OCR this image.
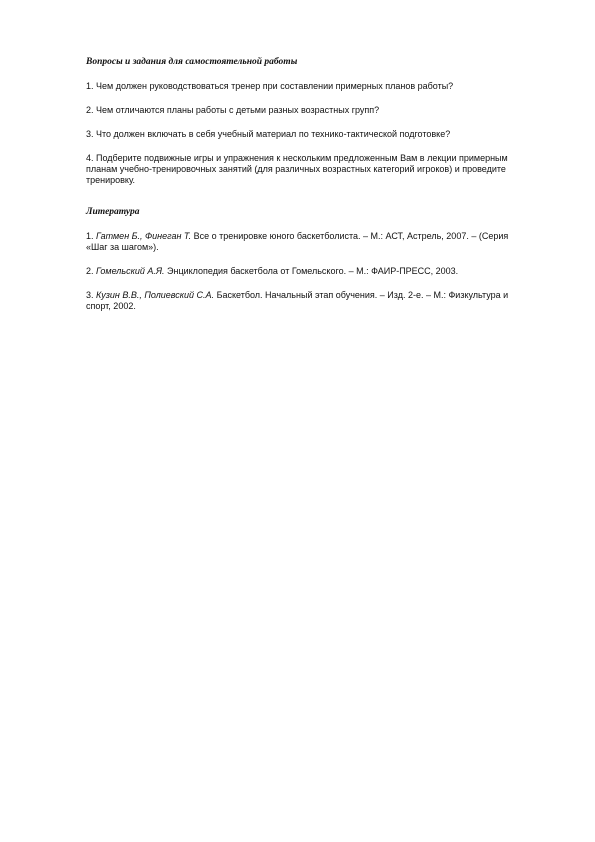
Вопросы и задания для самостоятельной работы
1. Чем должен руководствоваться тренер при составлении примерных планов работы?
2. Чем отличаются планы работы с детьми разных возрастных групп?
3. Что должен включать в себя учебный материал по технико-тактической подготовке?
4. Подберите подвижные игры и упражнения к нескольким предложенным Вам в лекции примерным планам учебно-тренировочных занятий (для различных возрастных категорий игроков) и проведите тренировку.
Литература
1. Гатмен Б., Финеган Т. Все о тренировке юного баскетболиста. – М.: АСТ, Астрель, 2007. – (Серия «Шаг за шагом»).
2. Гомельский А.Я. Энциклопедия баскетбола от Гомельского. – М.: ФАИР-ПРЕСС, 2003.
3. Кузин В.В., Полиевский С.А. Баскетбол. Начальный этап обучения. – Изд. 2-е. – М.: Физкультура и спорт, 2002.
